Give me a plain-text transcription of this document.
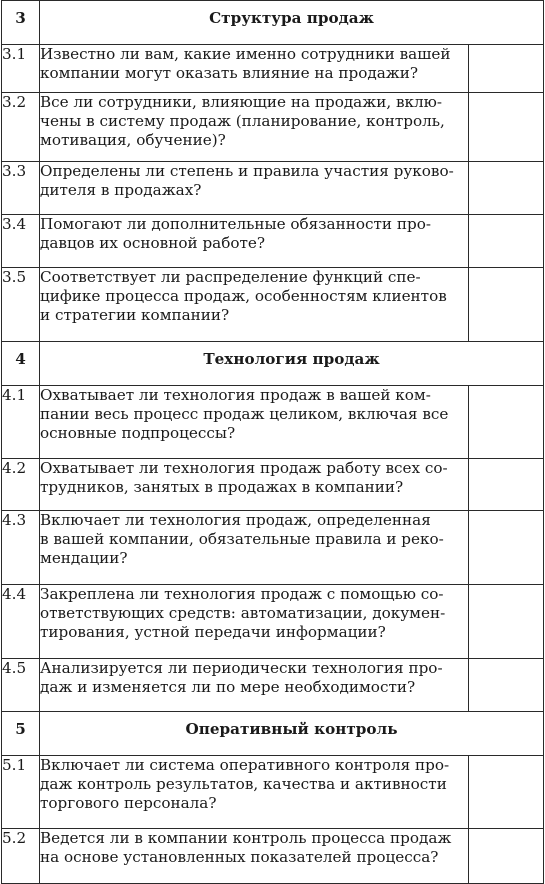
3	Структура продаж	
3.1	Известно ли вам, какие именно сотрудники вашей
компании могут оказать влияние на продажи?	

3.2	Все ли сотрудники, влияющие на продажи, вклю-
чены в систему продаж (планирование, контроль,
мотивация, обучение)?	

3.3	Определены ли степень и правила участия руково-
дителя в продажах?	

3.4	Помогают ли дополнительные обязанности про-
давцов их основной работе?	

3.5	Соответствует ли распределение функций спе-
цифике процесса продаж, особенностям клиентов
и стратегии компании?	

4	Технология продаж	
4.1	Охватывает ли технология продаж в вашей ком-
пании весь процесс продаж целиком, включая все
основные подпроцессы?	

4.2	Охватывает ли технология продаж работу всех со-
трудников, занятых в продажах в компании?	

4.3	Включает ли технология продаж, определенная
в вашей компании, обязательные правила и реко-
мендации?	

4.4	Закреплена ли технология продаж с помощью со-
ответствующих средств: автоматизации, докумен-
тирования, устной передачи информации?	

4.5	Анализируется ли периодически технология про-
даж и изменяется ли по мере необходимости?	

5	Оперативный контроль	
5.1	Включает ли система оперативного контроля про-
даж контроль результатов, качества и активности
торгового персонала?	

5.2	Ведется ли в компании контроль процесса продаж
на основе установленных показателей процесса?	
